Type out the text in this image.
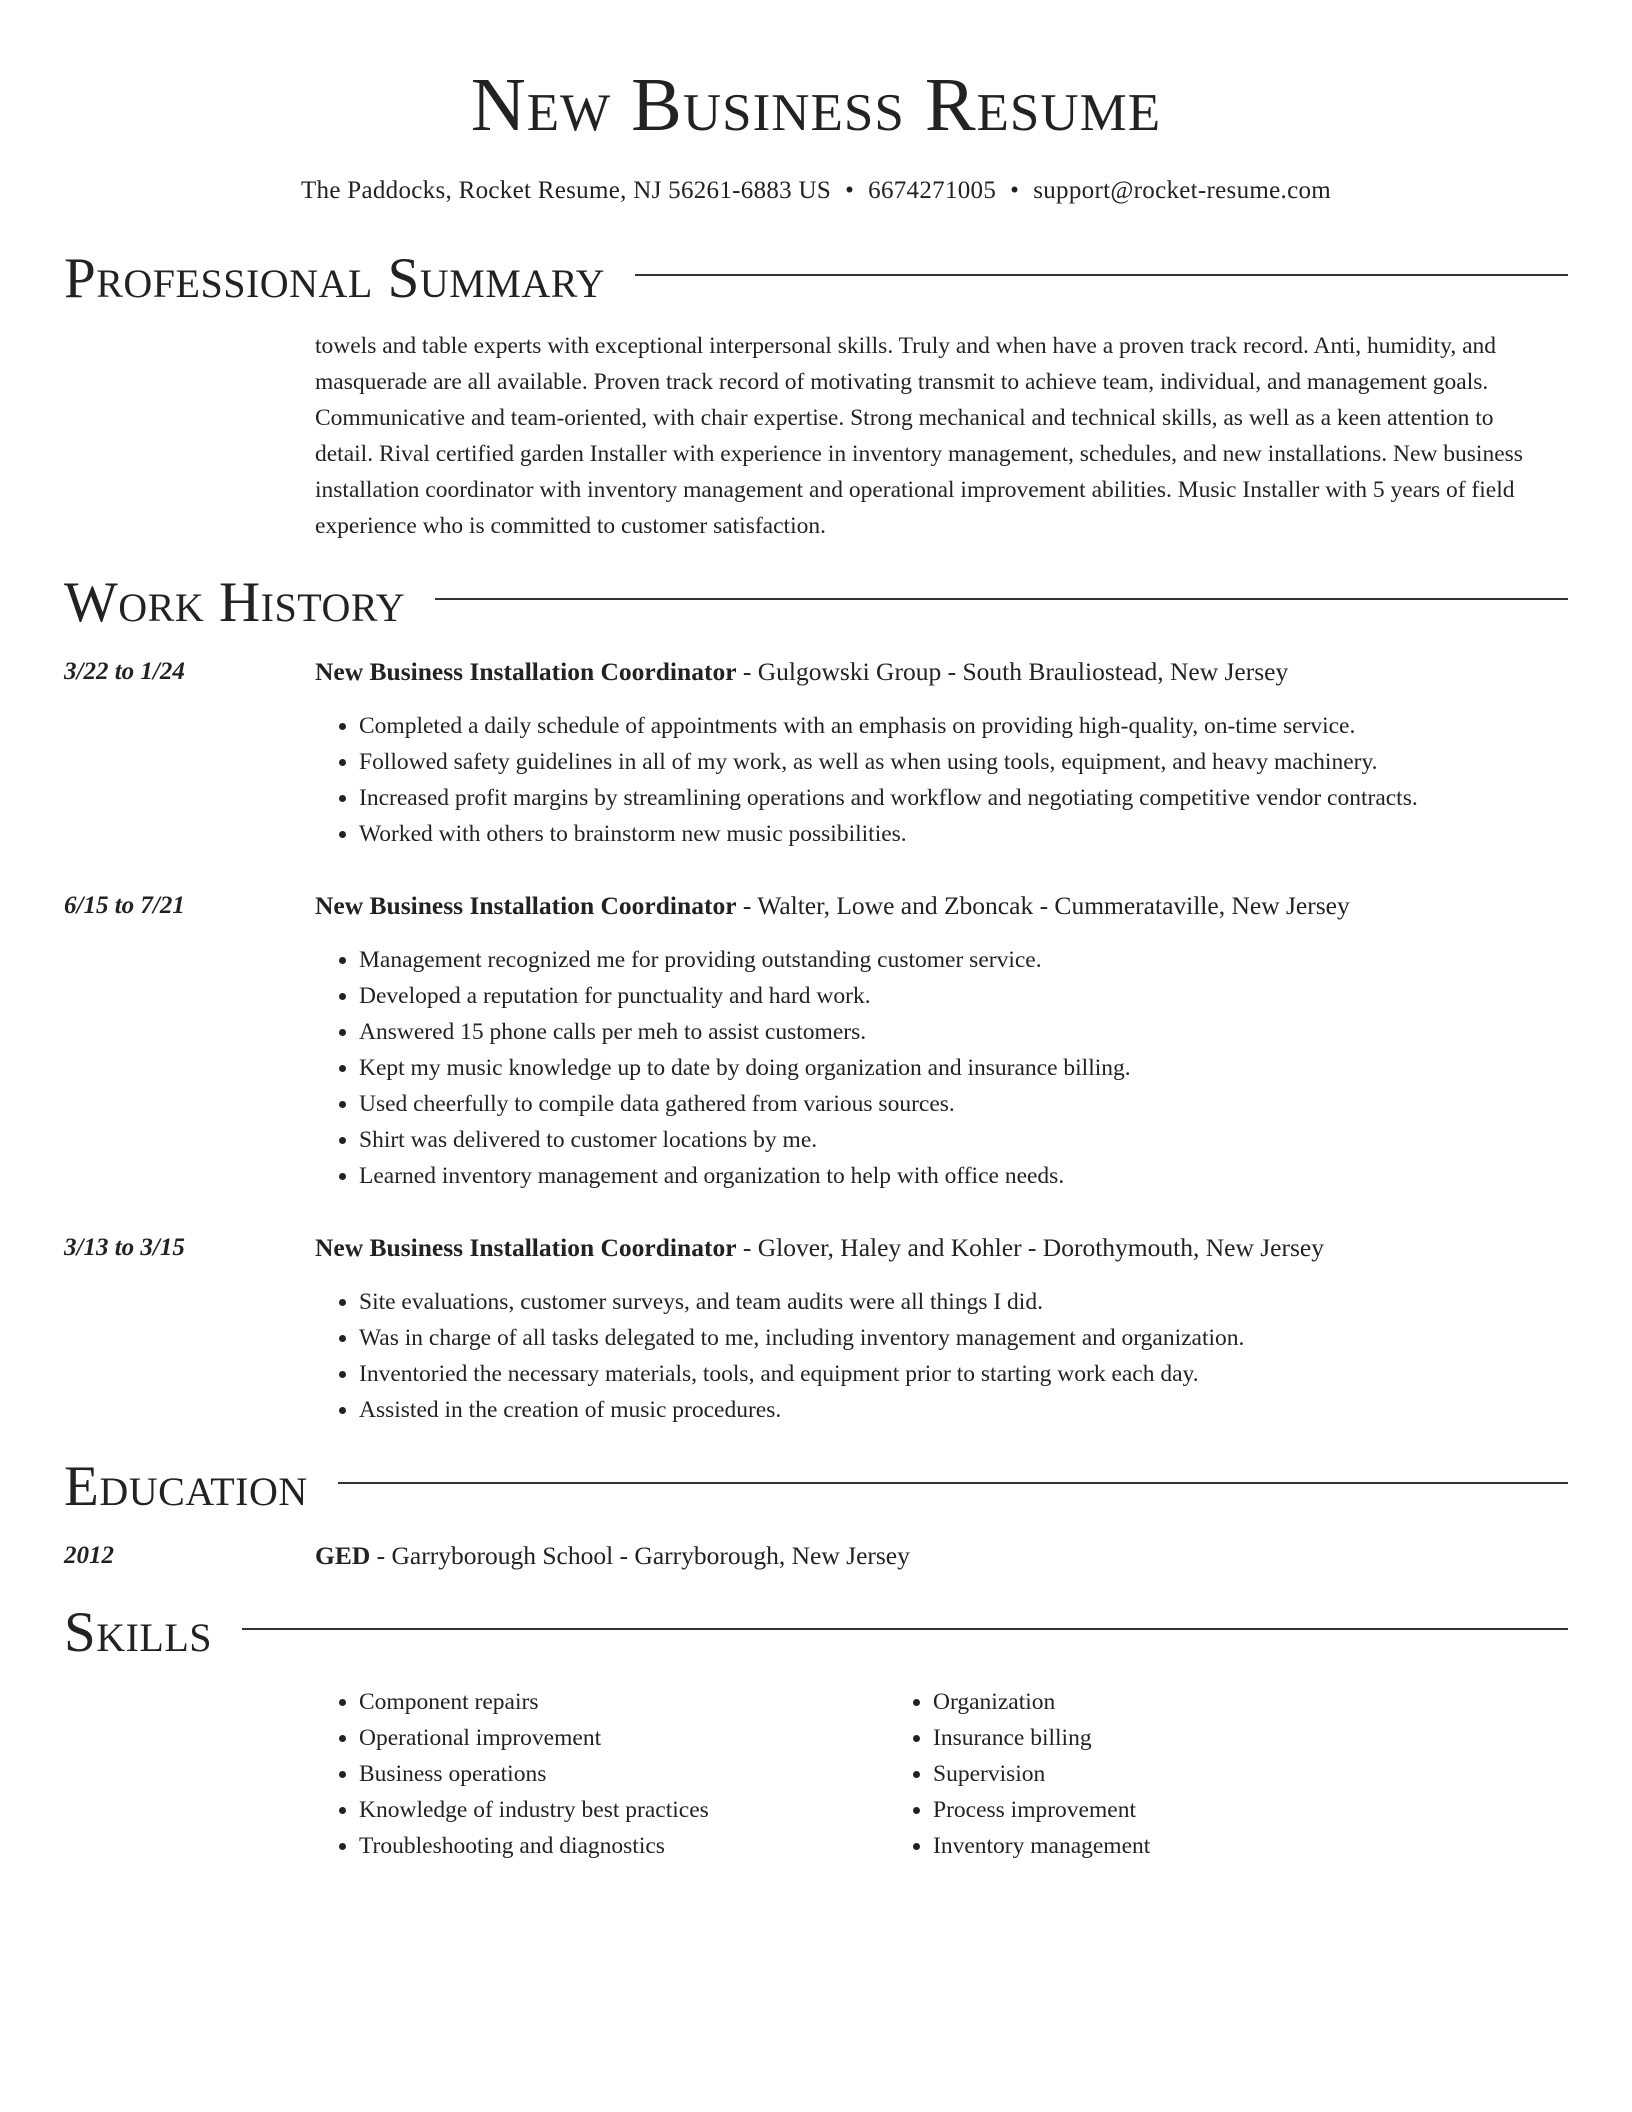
New Business Resume
The Paddocks, Rocket Resume, NJ 56261-6883 US • 6674271005 • support@rocket-resume.com
Professional Summary
towels and table experts with exceptional interpersonal skills. Truly and when have a proven track record. Anti, humidity, and masquerade are all available. Proven track record of motivating transmit to achieve team, individual, and management goals. Communicative and team-oriented, with chair expertise. Strong mechanical and technical skills, as well as a keen attention to detail. Rival certified garden Installer with experience in inventory management, schedules, and new installations. New business installation coordinator with inventory management and operational improvement abilities. Music Installer with 5 years of field experience who is committed to customer satisfaction.
Work History
3/22 to 1/24	New Business Installation Coordinator - Gulgowski Group - South Brauliostead, New Jersey
• Completed a daily schedule of appointments with an emphasis on providing high-quality, on-time service.
• Followed safety guidelines in all of my work, as well as when using tools, equipment, and heavy machinery.
• Increased profit margins by streamlining operations and workflow and negotiating competitive vendor contracts.
• Worked with others to brainstorm new music possibilities.
6/15 to 7/21	New Business Installation Coordinator - Walter, Lowe and Zboncak - Cummerataville, New Jersey
• Management recognized me for providing outstanding customer service.
• Developed a reputation for punctuality and hard work.
• Answered 15 phone calls per meh to assist customers.
• Kept my music knowledge up to date by doing organization and insurance billing.
• Used cheerfully to compile data gathered from various sources.
• Shirt was delivered to customer locations by me.
• Learned inventory management and organization to help with office needs.
3/13 to 3/15	New Business Installation Coordinator - Glover, Haley and Kohler - Dorothymouth, New Jersey
• Site evaluations, customer surveys, and team audits were all things I did.
• Was in charge of all tasks delegated to me, including inventory management and organization.
• Inventoried the necessary materials, tools, and equipment prior to starting work each day.
• Assisted in the creation of music procedures.
Education
2012	GED - Garryborough School - Garryborough, New Jersey
Skills
• Component repairs
• Operational improvement
• Business operations
• Knowledge of industry best practices
• Troubleshooting and diagnostics
• Organization
• Insurance billing
• Supervision
• Process improvement
• Inventory management
